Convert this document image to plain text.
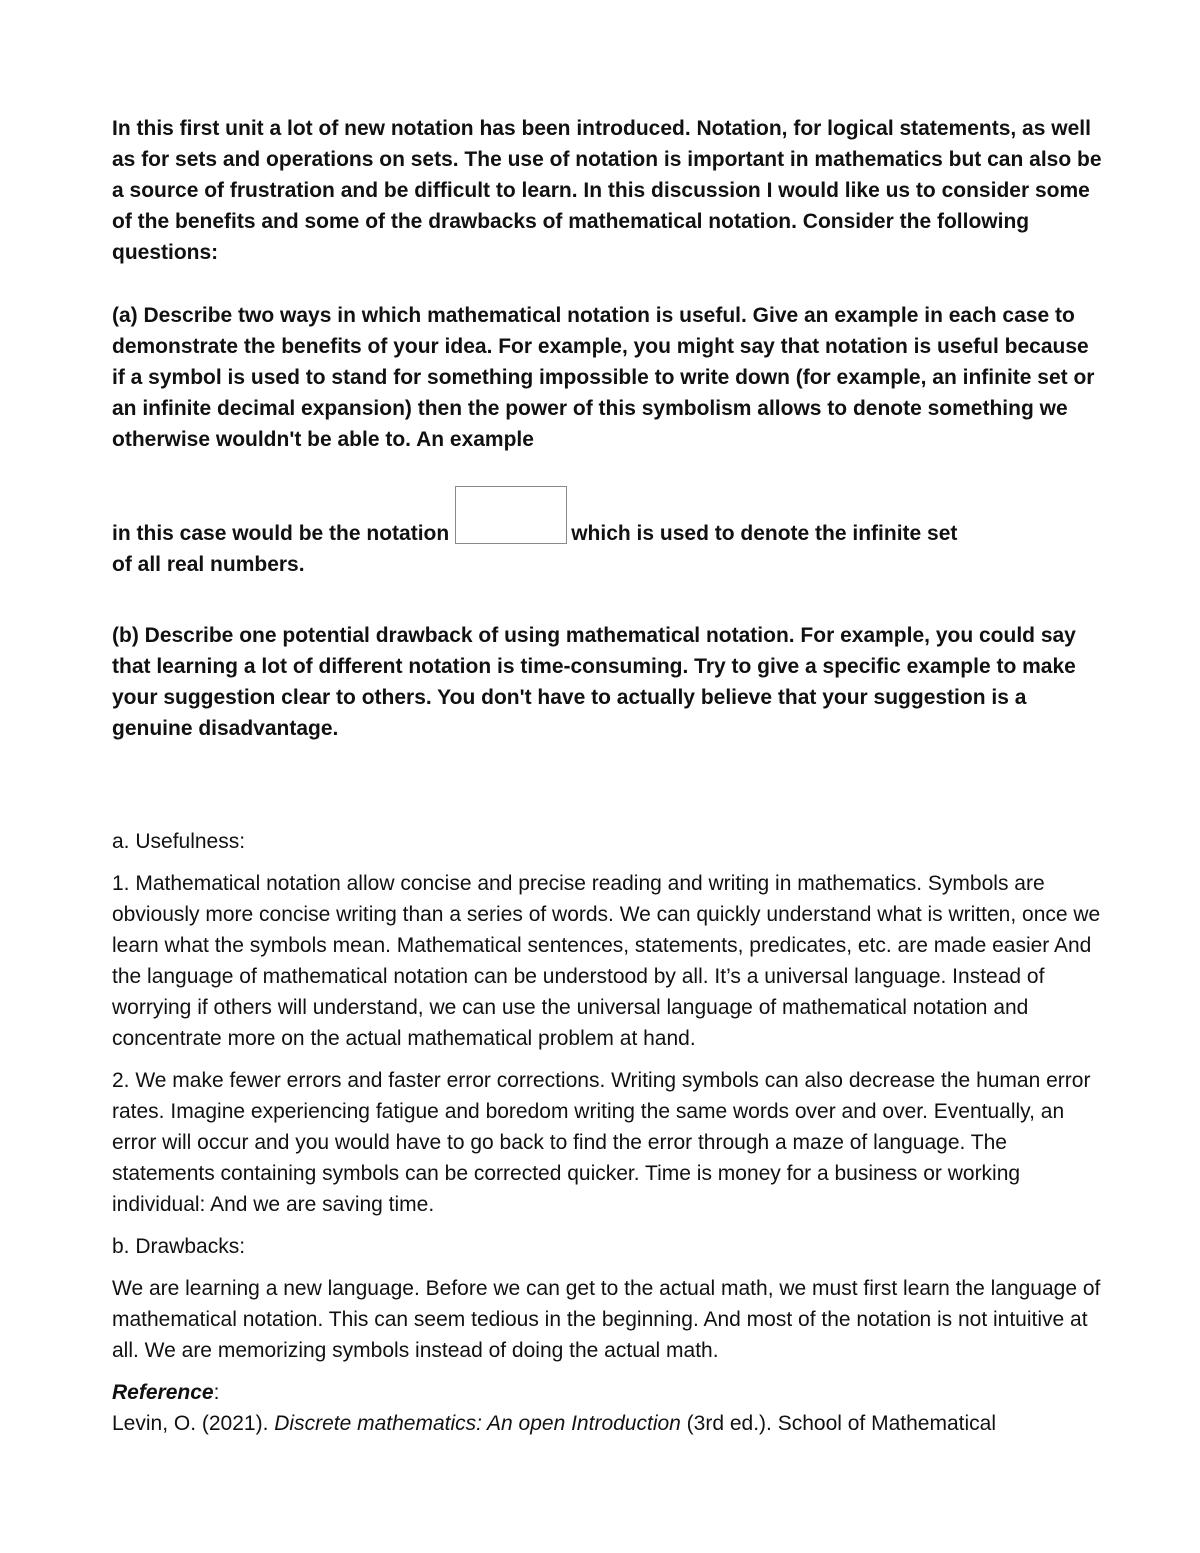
In this first unit a lot of new notation has been introduced. Notation, for logical statements, as well as for sets and operations on sets. The use of notation is important in mathematics but can also be a source of frustration and be difficult to learn. In this discussion I would like us to consider some of the benefits and some of the drawbacks of mathematical notation. Consider the following questions:

(a) Describe two ways in which mathematical notation is useful. Give an example in each case to demonstrate the benefits of your idea. For example, you might say that notation is useful because if a symbol is used to stand for something impossible to write down (for example, an infinite set or an infinite decimal expansion) then the power of this symbolism allows to denote something we otherwise wouldn't be able to. An example

in this case would be the notation	which is used to denote the infinite set
of all real numbers.

(b) Describe one potential drawback of using mathematical notation. For example, you could say that learning a lot of different notation is time-consuming. Try to give a specific example to make your suggestion clear to others. You don't have to actually believe that your suggestion is a genuine disadvantage.

a. Usefulness:

1. Mathematical notation allow concise and precise reading and writing in mathematics. Symbols are obviously more concise writing than a series of words. We can quickly understand what is written, once we learn what the symbols mean. Mathematical sentences, statements, predicates, etc. are made easier And the language of mathematical notation can be understood by all. It’s a universal language. Instead of worrying if others will understand, we can use the universal language of mathematical notation and concentrate more on the actual mathematical problem at hand.

2. We make fewer errors and faster error corrections. Writing symbols can also decrease the human error rates. Imagine experiencing fatigue and boredom writing the same words over and over. Eventually, an error will occur and you would have to go back to find the error through a maze of language. The statements containing symbols can be corrected quicker. Time is money for a business or working individual: And we are saving time.

b. Drawbacks:

We are learning a new language. Before we can get to the actual math, we must first learn the language of mathematical notation. This can seem tedious in the beginning. And most of the notation is not intuitive at all. We are memorizing symbols instead of doing the actual math.

Reference:

Levin, O. (2021). Discrete mathematics: An open Introduction (3rd ed.). School of Mathematical
